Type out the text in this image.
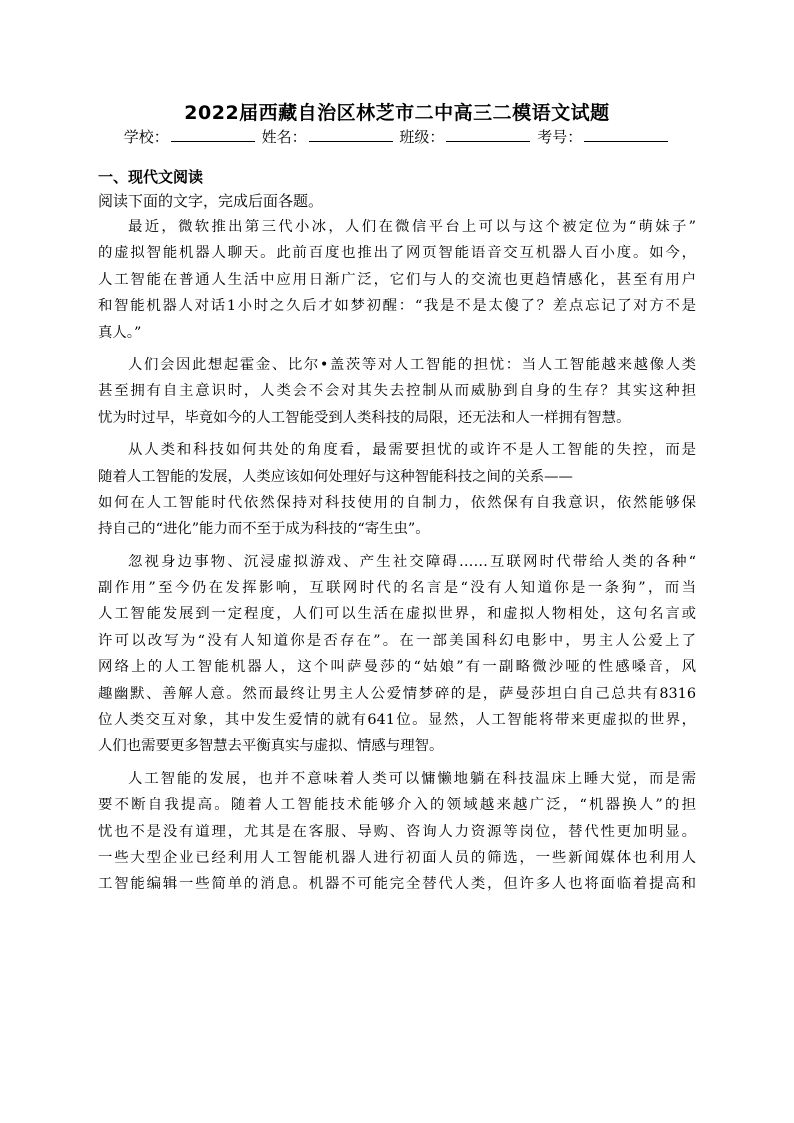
2022届西藏自治区林芝市二中高三二模语文试题
学校：	姓名：	班级：	考号：
一、现代文阅读
阅读下面的文字，完成后面各题。
最近，微软推出第三代小冰，人们在微信平台上可以与这个被定位为“萌妹子”
的虚拟智能机器人聊天。此前百度也推出了网页智能语音交互机器人百小度。如今，
人工智能在普通人生活中应用日渐广泛，它们与人的交流也更趋情感化，甚至有用户
和智能机器人对话1小时之久后才如梦初醒：“我是不是太傻了？差点忘记了对方不是
真人。”
人们会因此想起霍金、比尔•盖茨等对人工智能的担忧：当人工智能越来越像人类
甚至拥有自主意识时，人类会不会对其失去控制从而威胁到自身的生存？其实这种担
忧为时过早，毕竟如今的人工智能受到人类科技的局限，还无法和人一样拥有智慧。
从人类和科技如何共处的角度看，最需要担忧的或许不是人工智能的失控，而是
随着人工智能的发展，人类应该如何处理好与这种智能科技之间的关系——
如何在人工智能时代依然保持对科技使用的自制力，依然保有自我意识，依然能够保
持自己的“进化”能力而不至于成为科技的“寄生虫”。
忽视身边事物、沉浸虚拟游戏、产生社交障碍……互联网时代带给人类的各种“
副作用”至今仍在发挥影响，互联网时代的名言是“没有人知道你是一条狗”，而当
人工智能发展到一定程度，人们可以生活在虚拟世界，和虚拟人物相处，这句名言或
许可以改写为“没有人知道你是否存在”。在一部美国科幻电影中，男主人公爱上了
网络上的人工智能机器人，这个叫萨曼莎的“姑娘”有一副略微沙哑的性感嗓音，风
趣幽默、善解人意。然而最终让男主人公爱情梦碎的是，萨曼莎坦白自己总共有8316
位人类交互对象，其中发生爱情的就有641位。显然，人工智能将带来更虚拟的世界，
人们也需要更多智慧去平衡真实与虚拟、情感与理智。
人工智能的发展，也并不意味着人类可以慵懒地躺在科技温床上睡大觉，而是需
要不断自我提高。随着人工智能技术能够介入的领域越来越广泛，“机器换人”的担
忧也不是没有道理，尤其是在客服、导购、咨询人力资源等岗位，替代性更加明显。
一些大型企业已经利用人工智能机器人进行初面人员的筛选，一些新闻媒体也利用人
工智能编辑一些简单的消息。机器不可能完全替代人类，但许多人也将面临着提高和
